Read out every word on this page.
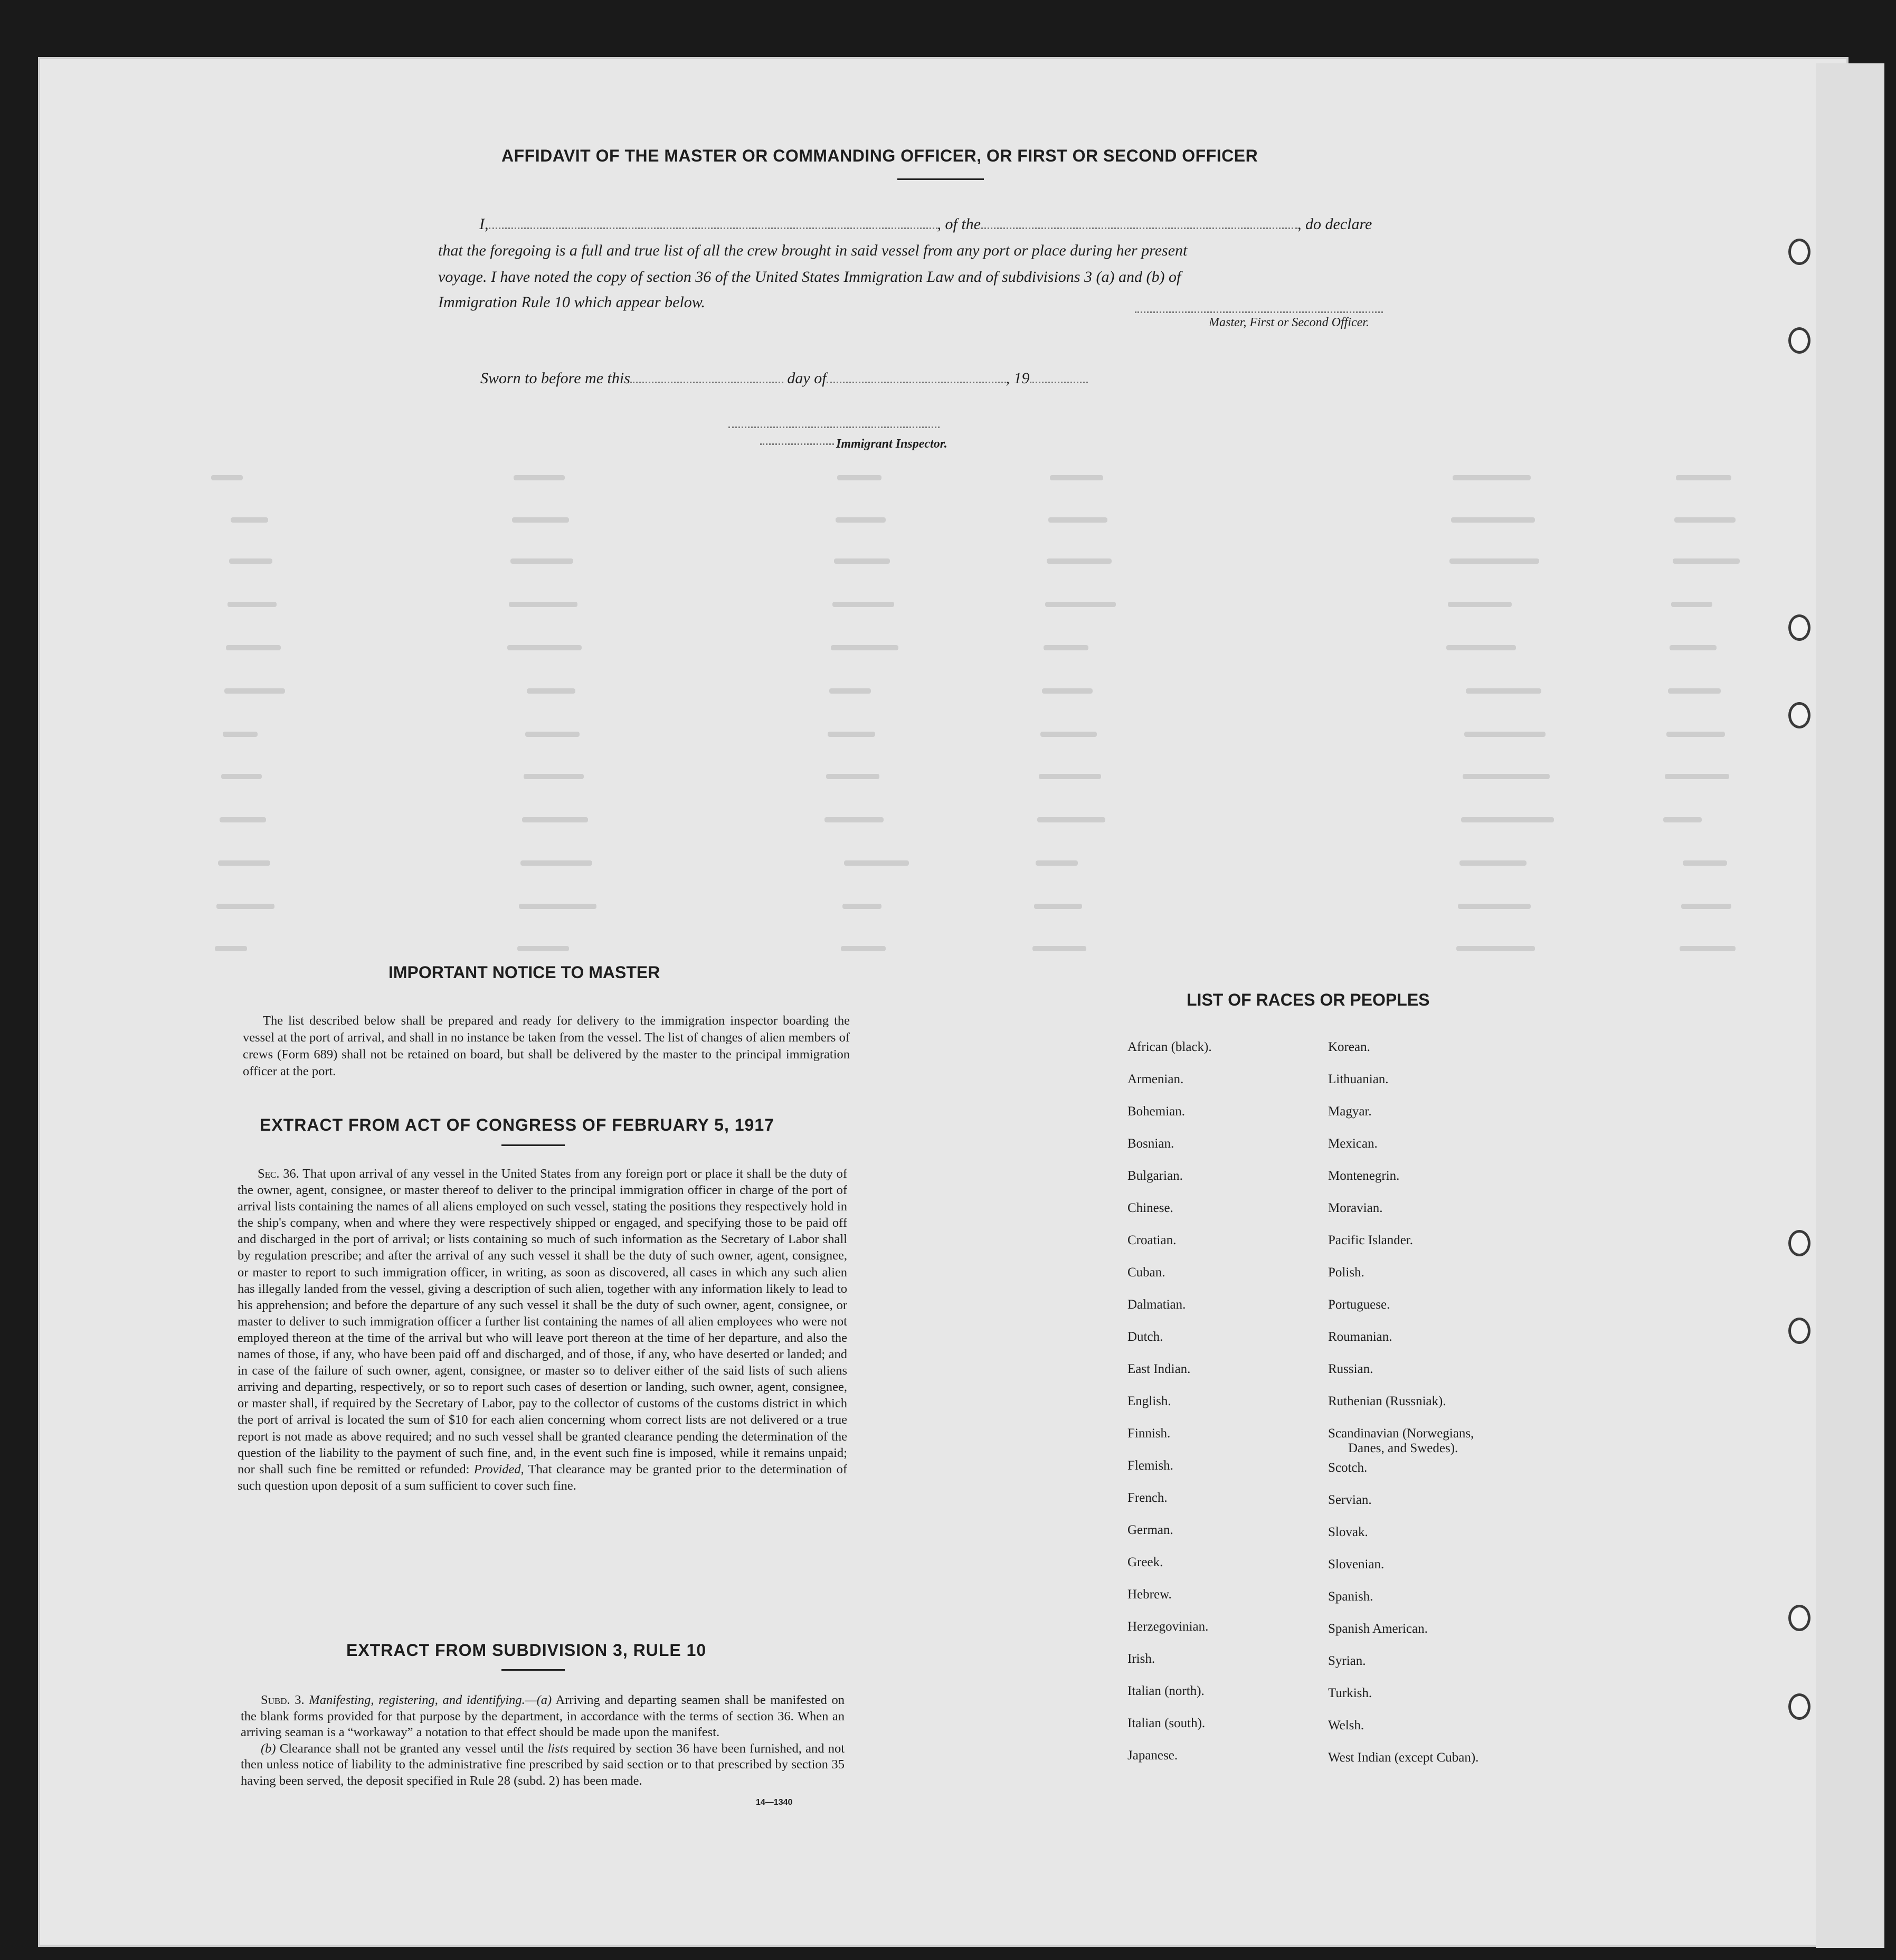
AFFIDAVIT OF THE MASTER OR COMMANDING OFFICER, OR FIRST OR SECOND OFFICER
I,	, of the	, do declare
that the foregoing is a full and true list of all the crew brought in said vessel from any port or place during her present
voyage. I have noted the copy of section 36 of the United States Immigration Law and of subdivisions 3 (a) and (b) of
Immigration Rule 10 which appear below.
Master, First or Second Officer.
Sworn to before me this	day of	, 19
Immigrant Inspector.
IMPORTANT NOTICE TO MASTER

The list described below shall be prepared and ready for delivery to the immigration inspector boarding the vessel at the port of arrival, and shall in no instance be taken from the vessel. The list of changes of alien members of crews (Form 689) shall not be retained on board, but shall be delivered by the master to the principal immigration officer at the port.

EXTRACT FROM ACT OF CONGRESS OF FEBRUARY 5, 1917

Sec. 36. That upon arrival of any vessel in the United States from any foreign port or place it shall be the duty of the owner, agent, consignee, or master thereof to deliver to the principal immigration officer in charge of the port of arrival lists containing the names of all aliens employed on such vessel, stating the positions they respectively hold in the ship's company, when and where they were respectively shipped or engaged, and specifying those to be paid off and discharged in the port of arrival; or lists containing so much of such information as the Secretary of Labor shall by regulation prescribe; and after the arrival of any such vessel it shall be the duty of such owner, agent, consignee, or master to report to such immigration officer, in writing, as soon as discovered, all cases in which any such alien has illegally landed from the vessel, giving a description of such alien, together with any information likely to lead to his apprehension; and before the departure of any such vessel it shall be the duty of such owner, agent, consignee, or master to deliver to such immigration officer a further list containing the names of all alien employees who were not employed thereon at the time of the arrival but who will leave port thereon at the time of her departure, and also the names of those, if any, who have been paid off and discharged, and of those, if any, who have deserted or landed; and in case of the failure of such owner, agent, consignee, or master so to deliver either of the said lists of such aliens arriving and departing, respectively, or so to report such cases of desertion or landing, such owner, agent, consignee, or master shall, if required by the Secretary of Labor, pay to the collector of customs of the customs district in which the port of arrival is located the sum of $10 for each alien concerning whom correct lists are not delivered or a true report is not made as above required; and no such vessel shall be granted clearance pending the determination of the question of the liability to the payment of such fine, and, in the event such fine is imposed, while it remains unpaid; nor shall such fine be remitted or refunded: Provided, That clearance may be granted prior to the determination of such question upon deposit of a sum sufficient to cover such fine.

EXTRACT FROM SUBDIVISION 3, RULE 10

Subd. 3. Manifesting, registering, and identifying.—(a) Arriving and departing seamen shall be manifested on the blank forms provided for that purpose by the department, in accordance with the terms of section 36. When an arriving seaman is a “workaway” a notation to that effect should be made upon the manifest.

(b) Clearance shall not be granted any vessel until the lists required by section 36 have been furnished, and not then unless notice of liability to the administrative fine prescribed by said section or to that prescribed by section 35 having been served, the deposit specified in Rule 28 (subd. 2) has been made.

14—1340
LIST OF RACES OR PEOPLES
African (black).
Armenian.
Bohemian.
Bosnian.
Bulgarian.
Chinese.
Croatian.
Cuban.
Dalmatian.
Dutch.
East Indian.
English.
Finnish.
Flemish.
French.
German.
Greek.
Hebrew.
Herzegovinian.
Irish.
Italian (north).
Italian (south).
Japanese.
Korean.
Lithuanian.
Magyar.
Mexican.
Montenegrin.
Moravian.
Pacific Islander.
Polish.
Portuguese.
Roumanian.
Russian.
Ruthenian (Russniak).
Scandinavian (Norwegians,
Scotch.
Servian.
Slovak.
Slovenian.
Spanish.
Spanish American.
Syrian.
Turkish.
Welsh.
West Indian (except Cuban).
Danes, and Swedes).
